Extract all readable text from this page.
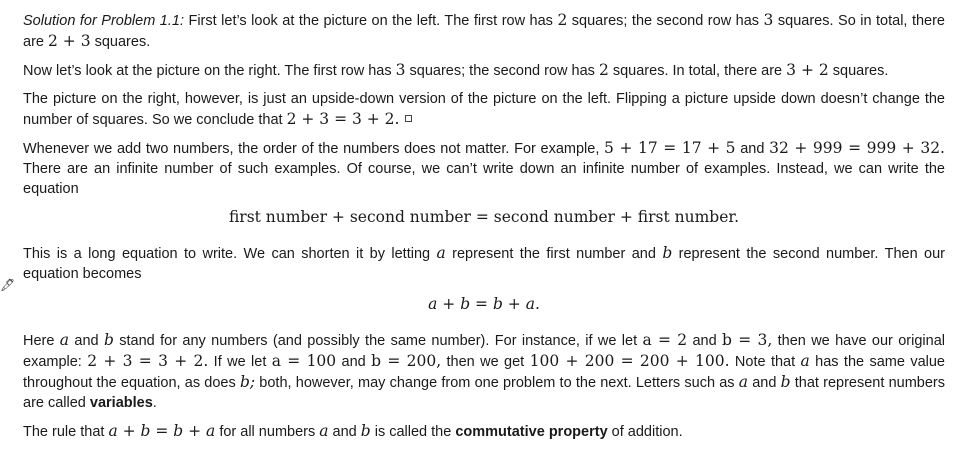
🖋

Solution for Problem 1.1: First let’s look at the picture on the left. The first row has 2 squares; the second row has 3 squares. So in total, there are 2 + 3 squares.

Now let’s look at the picture on the right. The first row has 3 squares; the second row has 2 squares. In total, there are 3 + 2 squares.

The picture on the right, however, is just an upside-down version of the picture on the left. Flipping a picture upside down doesn’t change the number of squares. So we conclude that 2 + 3 = 3 + 2.

Whenever we add two numbers, the order of the numbers does not matter. For example, 5 + 17 = 17 + 5 and 32 + 999 = 999 + 32. There are an infinite number of such examples. Of course, we can’t write down an infinite number of examples. Instead, we can write the equation

first number + second number = second number + first number.

This is a long equation to write. We can shorten it by letting a represent the first number and b represent the second number. Then our equation becomes

a + b = b + a.

Here a and b stand for any numbers (and possibly the same number). For instance, if we let a = 2 and b = 3, then we have our original example: 2 + 3 = 3 + 2. If we let a = 100 and b = 200, then we get 100 + 200 = 200 + 100. Note that a has the same value throughout the equation, as does b; both, however, may change from one problem to the next. Letters such as a and b that represent numbers are called variables.

The rule that a + b = b + a for all numbers a and b is called the commutative property of addition.
